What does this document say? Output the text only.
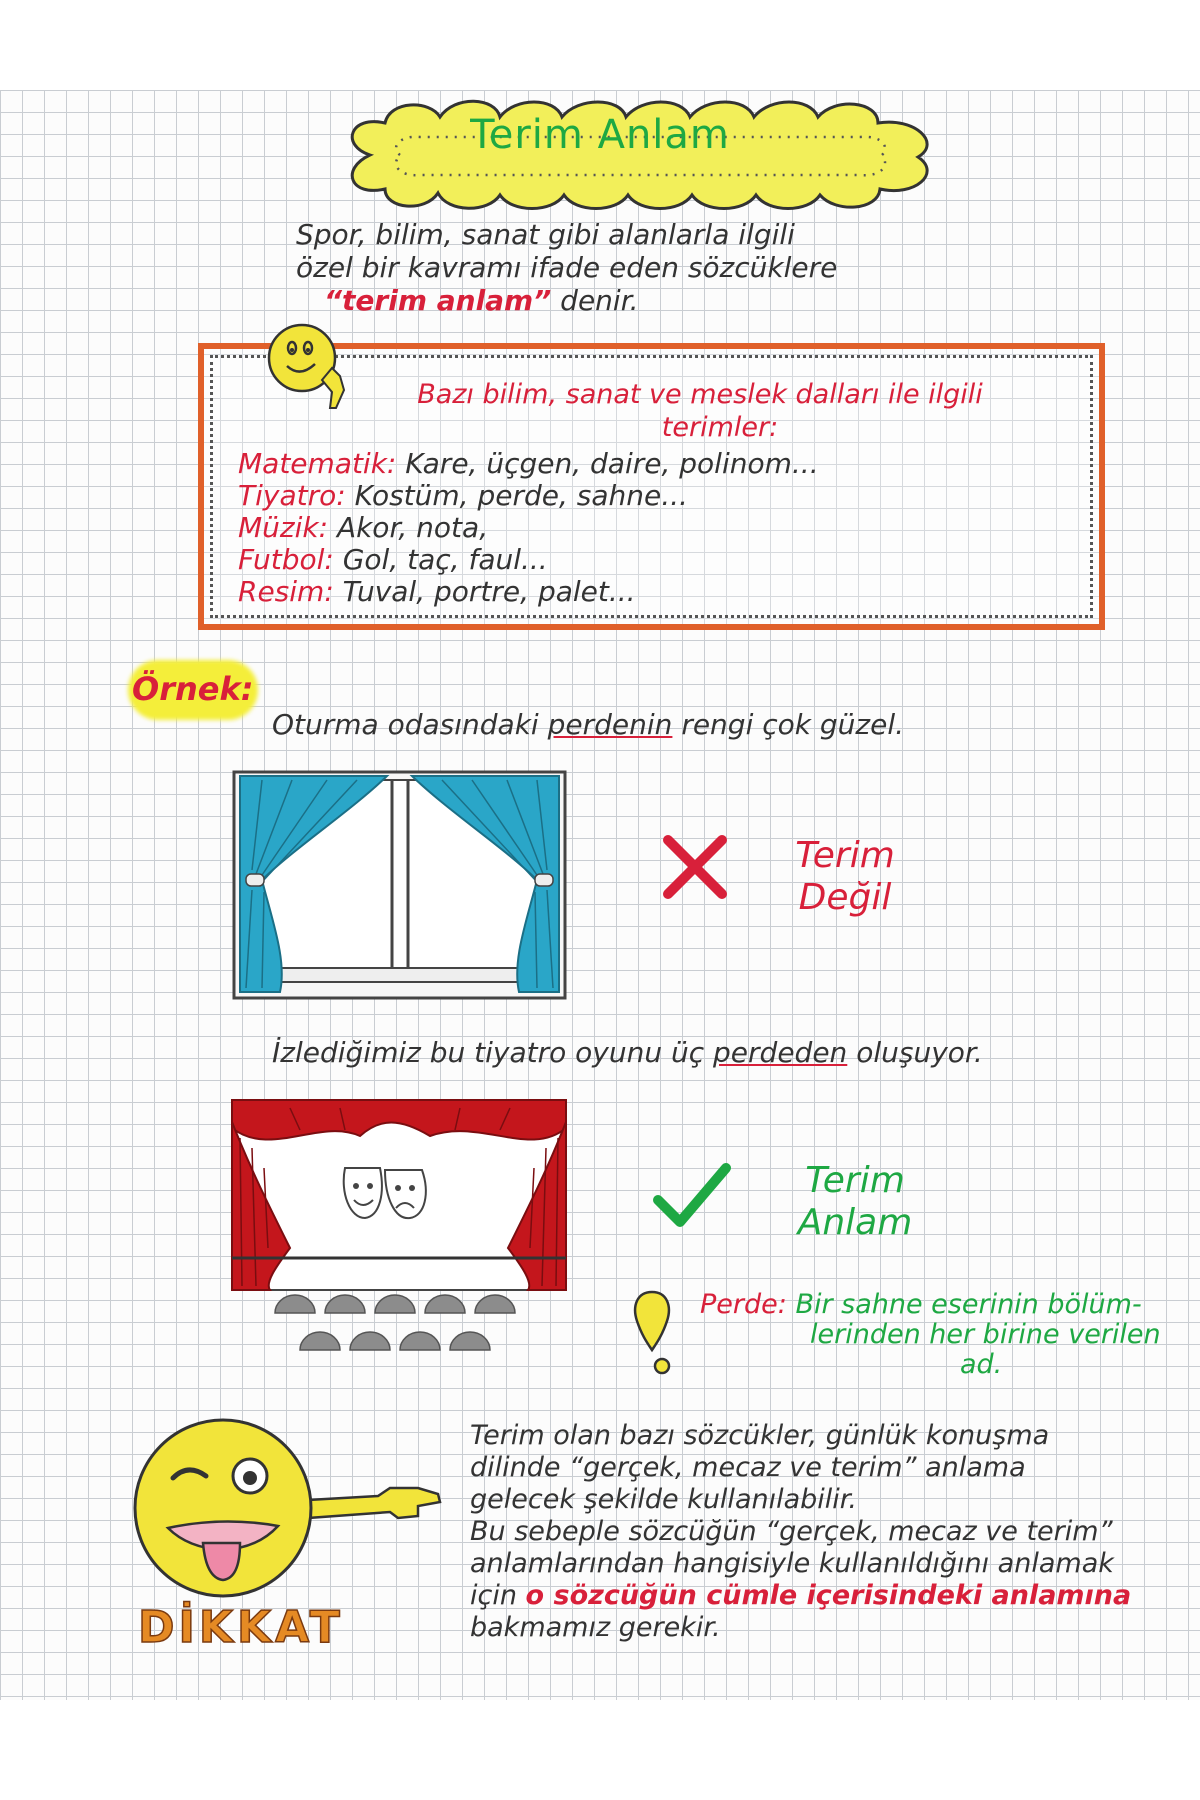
Terim Anlam
Spor, bilim, sanat gibi alanlarla ilgili
özel bir kavramı ifade eden sözcüklere
“terim anlam” denir.
Bazı bilim, sanat ve meslek dalları ile ilgili
terimler:
Matematik: Kare, üçgen, daire, polinom...
Tiyatro: Kostüm, perde, sahne...
Müzik: Akor, nota,
Futbol: Gol, taç, faul...
Resim: Tuval, portre, palet...
Örnek:
Oturma odasındaki perdenin rengi çok güzel.
Terim
Değil
İzlediğimiz bu tiyatro oyunu üç perdeden oluşuyor.
Terim
Anlam
Perde: Bir sahne eserinin bölüm-
lerinden her birine verilen
ad.
DİKKAT
Terim olan bazı sözcükler, günlük konuşma
dilinde “gerçek, mecaz ve terim” anlama
gelecek şekilde kullanılabilir.
Bu sebeple sözcüğün “gerçek, mecaz ve terim”
anlamlarından hangisiyle kullanıldığını anlamak
için o sözcüğün cümle içerisindeki anlamına
bakmamız gerekir.
